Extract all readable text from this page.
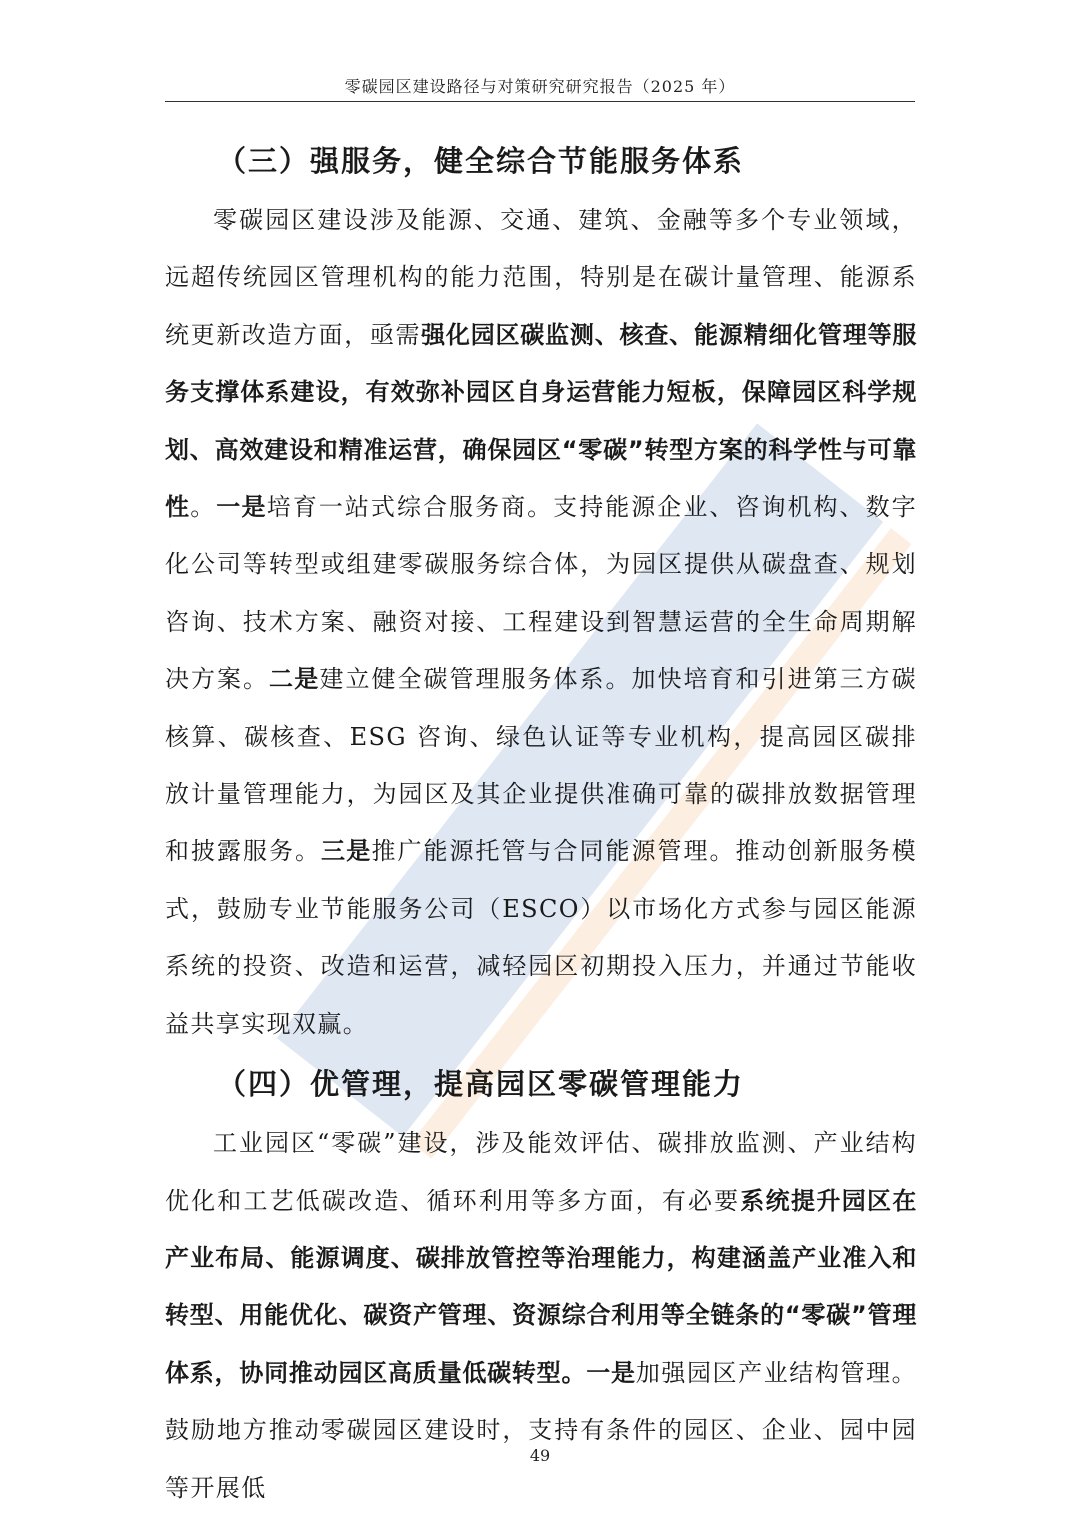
零碳园区建设路径与对策研究研究报告（2025 年）
（三）强服务，健全综合节能服务体系

零碳园区建设涉及能源、交通、建筑、金融等多个专业领域，远超传统园区管理机构的能力范围，特别是在碳计量管理、能源系统更新改造方面，亟需强化园区碳监测、核查、能源精细化管理等服务支撑体系建设，有效弥补园区自身运营能力短板，保障园区科学规划、高效建设和精准运营，确保园区“零碳”转型方案的科学性与可靠性。一是培育一站式综合服务商。支持能源企业、咨询机构、数字化公司等转型或组建零碳服务综合体，为园区提供从碳盘查、规划咨询、技术方案、融资对接、工程建设到智慧运营的全生命周期解决方案。二是建立健全碳管理服务体系。加快培育和引进第三方碳核算、碳核查、ESG 咨询、绿色认证等专业机构，提高园区碳排放计量管理能力，为园区及其企业提供准确可靠的碳排放数据管理和披露服务。三是推广能源托管与合同能源管理。推动创新服务模式，鼓励专业节能服务公司（ESCO）以市场化方式参与园区能源系统的投资、改造和运营，减轻园区初期投入压力，并通过节能收益共享实现双赢。

（四）优管理，提高园区零碳管理能力

工业园区“零碳”建设，涉及能效评估、碳排放监测、产业结构优化和工艺低碳改造、循环利用等多方面，有必要系统提升园区在产业布局、能源调度、碳排放管控等治理能力，构建涵盖产业准入和转型、用能优化、碳资产管理、资源综合利用等全链条的“零碳”管理体系，协同推动园区高质量低碳转型。一是加强园区产业结构管理。鼓励地方推动零碳园区建设时，支持有条件的园区、企业、园中园等开展低

49
